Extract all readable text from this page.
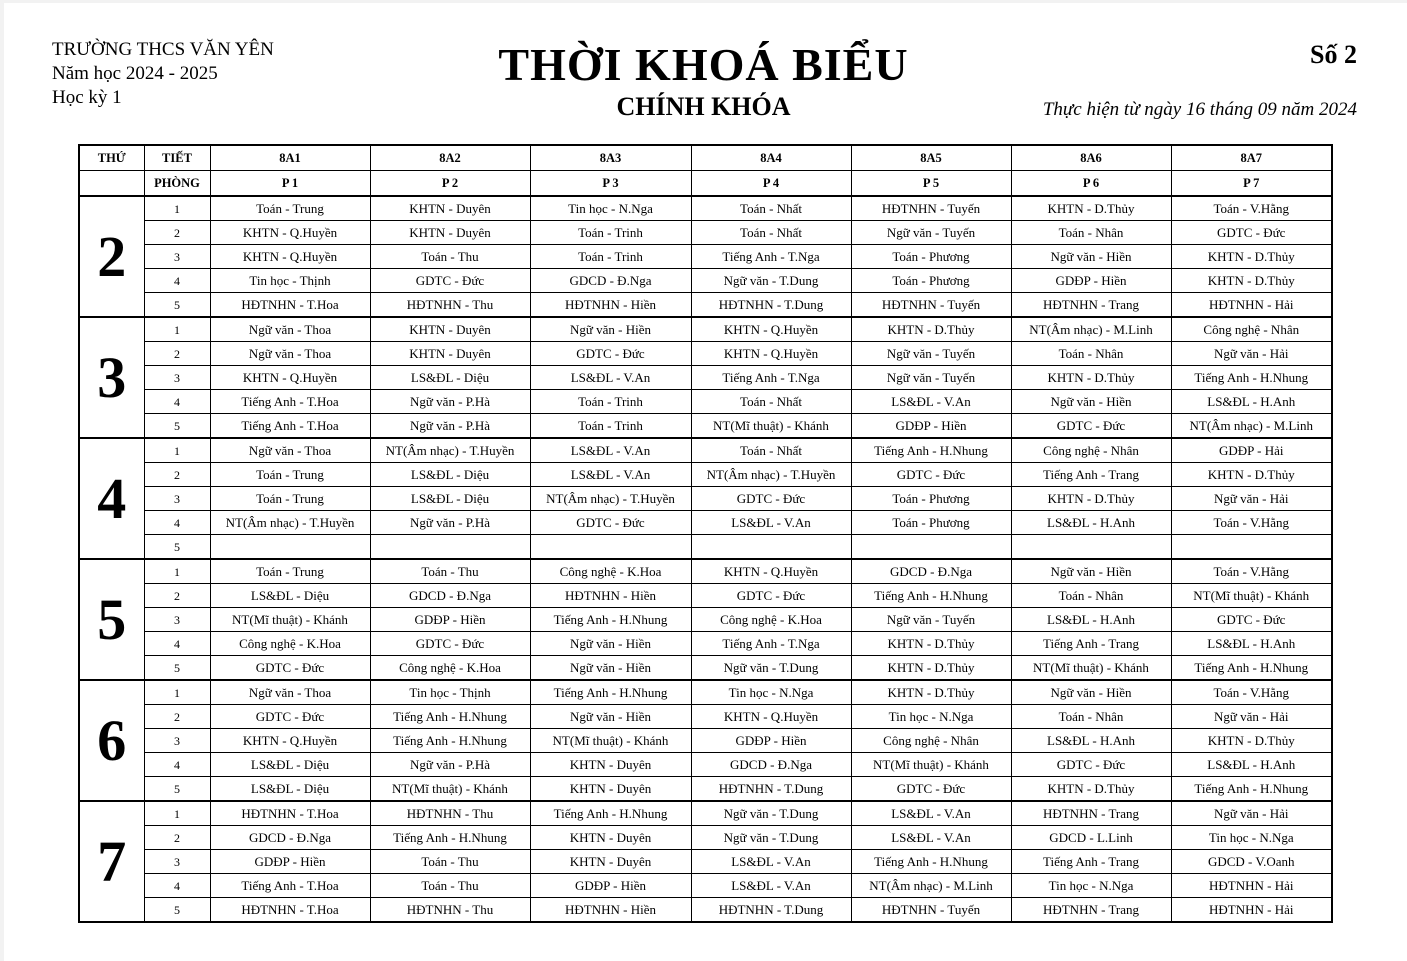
TRƯỜNG THCS VĂN YÊN
Năm học 2024 - 2025
Học kỳ 1
THỜI KHOÁ BIỂU
CHÍNH KHÓA
Số 2
Thực hiện từ ngày 16 tháng 09 năm 2024
THỨ	TIẾT	8A1	8A2	8A3	8A4	8A5	8A6	8A7
	PHÒNG	P 1	P 2	P 3	P 4	P 5	P 6	P 7
2	1	Toán - Trung	KHTN - Duyên	Tin học - N.Nga	Toán - Nhất	HĐTNHN - Tuyến	KHTN - D.Thủy	Toán - V.Hằng
	2	KHTN - Q.Huyền	KHTN - Duyên	Toán - Trinh	Toán - Nhất	Ngữ văn - Tuyến	Toán - Nhân	GDTC - Đức
	3	KHTN - Q.Huyền	Toán - Thu	Toán - Trinh	Tiếng Anh - T.Nga	Toán - Phương	Ngữ văn - Hiền	KHTN - D.Thủy
	4	Tin học - Thịnh	GDTC - Đức	GDCD - Đ.Nga	Ngữ văn - T.Dung	Toán - Phương	GDĐP - Hiền	KHTN - D.Thủy
	5	HĐTNHN - T.Hoa	HĐTNHN - Thu	HĐTNHN - Hiền	HĐTNHN - T.Dung	HĐTNHN - Tuyến	HĐTNHN - Trang	HĐTNHN - Hải
3	1	Ngữ văn - Thoa	KHTN - Duyên	Ngữ văn - Hiền	KHTN - Q.Huyền	KHTN - D.Thủy	NT(Âm nhạc) - M.Linh	Công nghệ - Nhân
	2	Ngữ văn - Thoa	KHTN - Duyên	GDTC - Đức	KHTN - Q.Huyền	Ngữ văn - Tuyến	Toán - Nhân	Ngữ văn - Hải
	3	KHTN - Q.Huyền	LS&ĐL - Diệu	LS&ĐL - V.An	Tiếng Anh - T.Nga	Ngữ văn - Tuyến	KHTN - D.Thủy	Tiếng Anh - H.Nhung
	4	Tiếng Anh - T.Hoa	Ngữ văn - P.Hà	Toán - Trinh	Toán - Nhất	LS&ĐL - V.An	Ngữ văn - Hiền	LS&ĐL - H.Anh
	5	Tiếng Anh - T.Hoa	Ngữ văn - P.Hà	Toán - Trinh	NT(Mĩ thuật) - Khánh	GDĐP - Hiền	GDTC - Đức	NT(Âm nhạc) - M.Linh
4	1	Ngữ văn - Thoa	NT(Âm nhạc) - T.Huyền	LS&ĐL - V.An	Toán - Nhất	Tiếng Anh - H.Nhung	Công nghệ - Nhân	GDĐP - Hải
	2	Toán - Trung	LS&ĐL - Diệu	LS&ĐL - V.An	NT(Âm nhạc) - T.Huyền	GDTC - Đức	Tiếng Anh - Trang	KHTN - D.Thủy
	3	Toán - Trung	LS&ĐL - Diệu	NT(Âm nhạc) - T.Huyền	GDTC - Đức	Toán - Phương	KHTN - D.Thủy	Ngữ văn - Hải
	4	NT(Âm nhạc) - T.Huyền	Ngữ văn - P.Hà	GDTC - Đức	LS&ĐL - V.An	Toán - Phương	LS&ĐL - H.Anh	Toán - V.Hằng
	5							
5	1	Toán - Trung	Toán - Thu	Công nghệ - K.Hoa	KHTN - Q.Huyền	GDCD - Đ.Nga	Ngữ văn - Hiền	Toán - V.Hằng
	2	LS&ĐL - Diệu	GDCD - Đ.Nga	HĐTNHN - Hiền	GDTC - Đức	Tiếng Anh - H.Nhung	Toán - Nhân	NT(Mĩ thuật) - Khánh
	3	NT(Mĩ thuật) - Khánh	GDĐP - Hiền	Tiếng Anh - H.Nhung	Công nghệ - K.Hoa	Ngữ văn - Tuyến	LS&ĐL - H.Anh	GDTC - Đức
	4	Công nghệ - K.Hoa	GDTC - Đức	Ngữ văn - Hiền	Tiếng Anh - T.Nga	KHTN - D.Thủy	Tiếng Anh - Trang	LS&ĐL - H.Anh
	5	GDTC - Đức	Công nghệ - K.Hoa	Ngữ văn - Hiền	Ngữ văn - T.Dung	KHTN - D.Thủy	NT(Mĩ thuật) - Khánh	Tiếng Anh - H.Nhung
6	1	Ngữ văn - Thoa	Tin học - Thịnh	Tiếng Anh - H.Nhung	Tin học - N.Nga	KHTN - D.Thủy	Ngữ văn - Hiền	Toán - V.Hằng
	2	GDTC - Đức	Tiếng Anh - H.Nhung	Ngữ văn - Hiền	KHTN - Q.Huyền	Tin học - N.Nga	Toán - Nhân	Ngữ văn - Hải
	3	KHTN - Q.Huyền	Tiếng Anh - H.Nhung	NT(Mĩ thuật) - Khánh	GDĐP - Hiền	Công nghệ - Nhân	LS&ĐL - H.Anh	KHTN - D.Thủy
	4	LS&ĐL - Diệu	Ngữ văn - P.Hà	KHTN - Duyên	GDCD - Đ.Nga	NT(Mĩ thuật) - Khánh	GDTC - Đức	LS&ĐL - H.Anh
	5	LS&ĐL - Diệu	NT(Mĩ thuật) - Khánh	KHTN - Duyên	HĐTNHN - T.Dung	GDTC - Đức	KHTN - D.Thủy	Tiếng Anh - H.Nhung
7	1	HĐTNHN - T.Hoa	HĐTNHN - Thu	Tiếng Anh - H.Nhung	Ngữ văn - T.Dung	LS&ĐL - V.An	HĐTNHN - Trang	Ngữ văn - Hải
	2	GDCD - Đ.Nga	Tiếng Anh - H.Nhung	KHTN - Duyên	Ngữ văn - T.Dung	LS&ĐL - V.An	GDCD - L.Linh	Tin học - N.Nga
	3	GDĐP - Hiền	Toán - Thu	KHTN - Duyên	LS&ĐL - V.An	Tiếng Anh - H.Nhung	Tiếng Anh - Trang	GDCD - V.Oanh
	4	Tiếng Anh - T.Hoa	Toán - Thu	GDĐP - Hiền	LS&ĐL - V.An	NT(Âm nhạc) - M.Linh	Tin học - N.Nga	HĐTNHN - Hải
	5	HĐTNHN - T.Hoa	HĐTNHN - Thu	HĐTNHN - Hiền	HĐTNHN - T.Dung	HĐTNHN - Tuyến	HĐTNHN - Trang	HĐTNHN - Hải
